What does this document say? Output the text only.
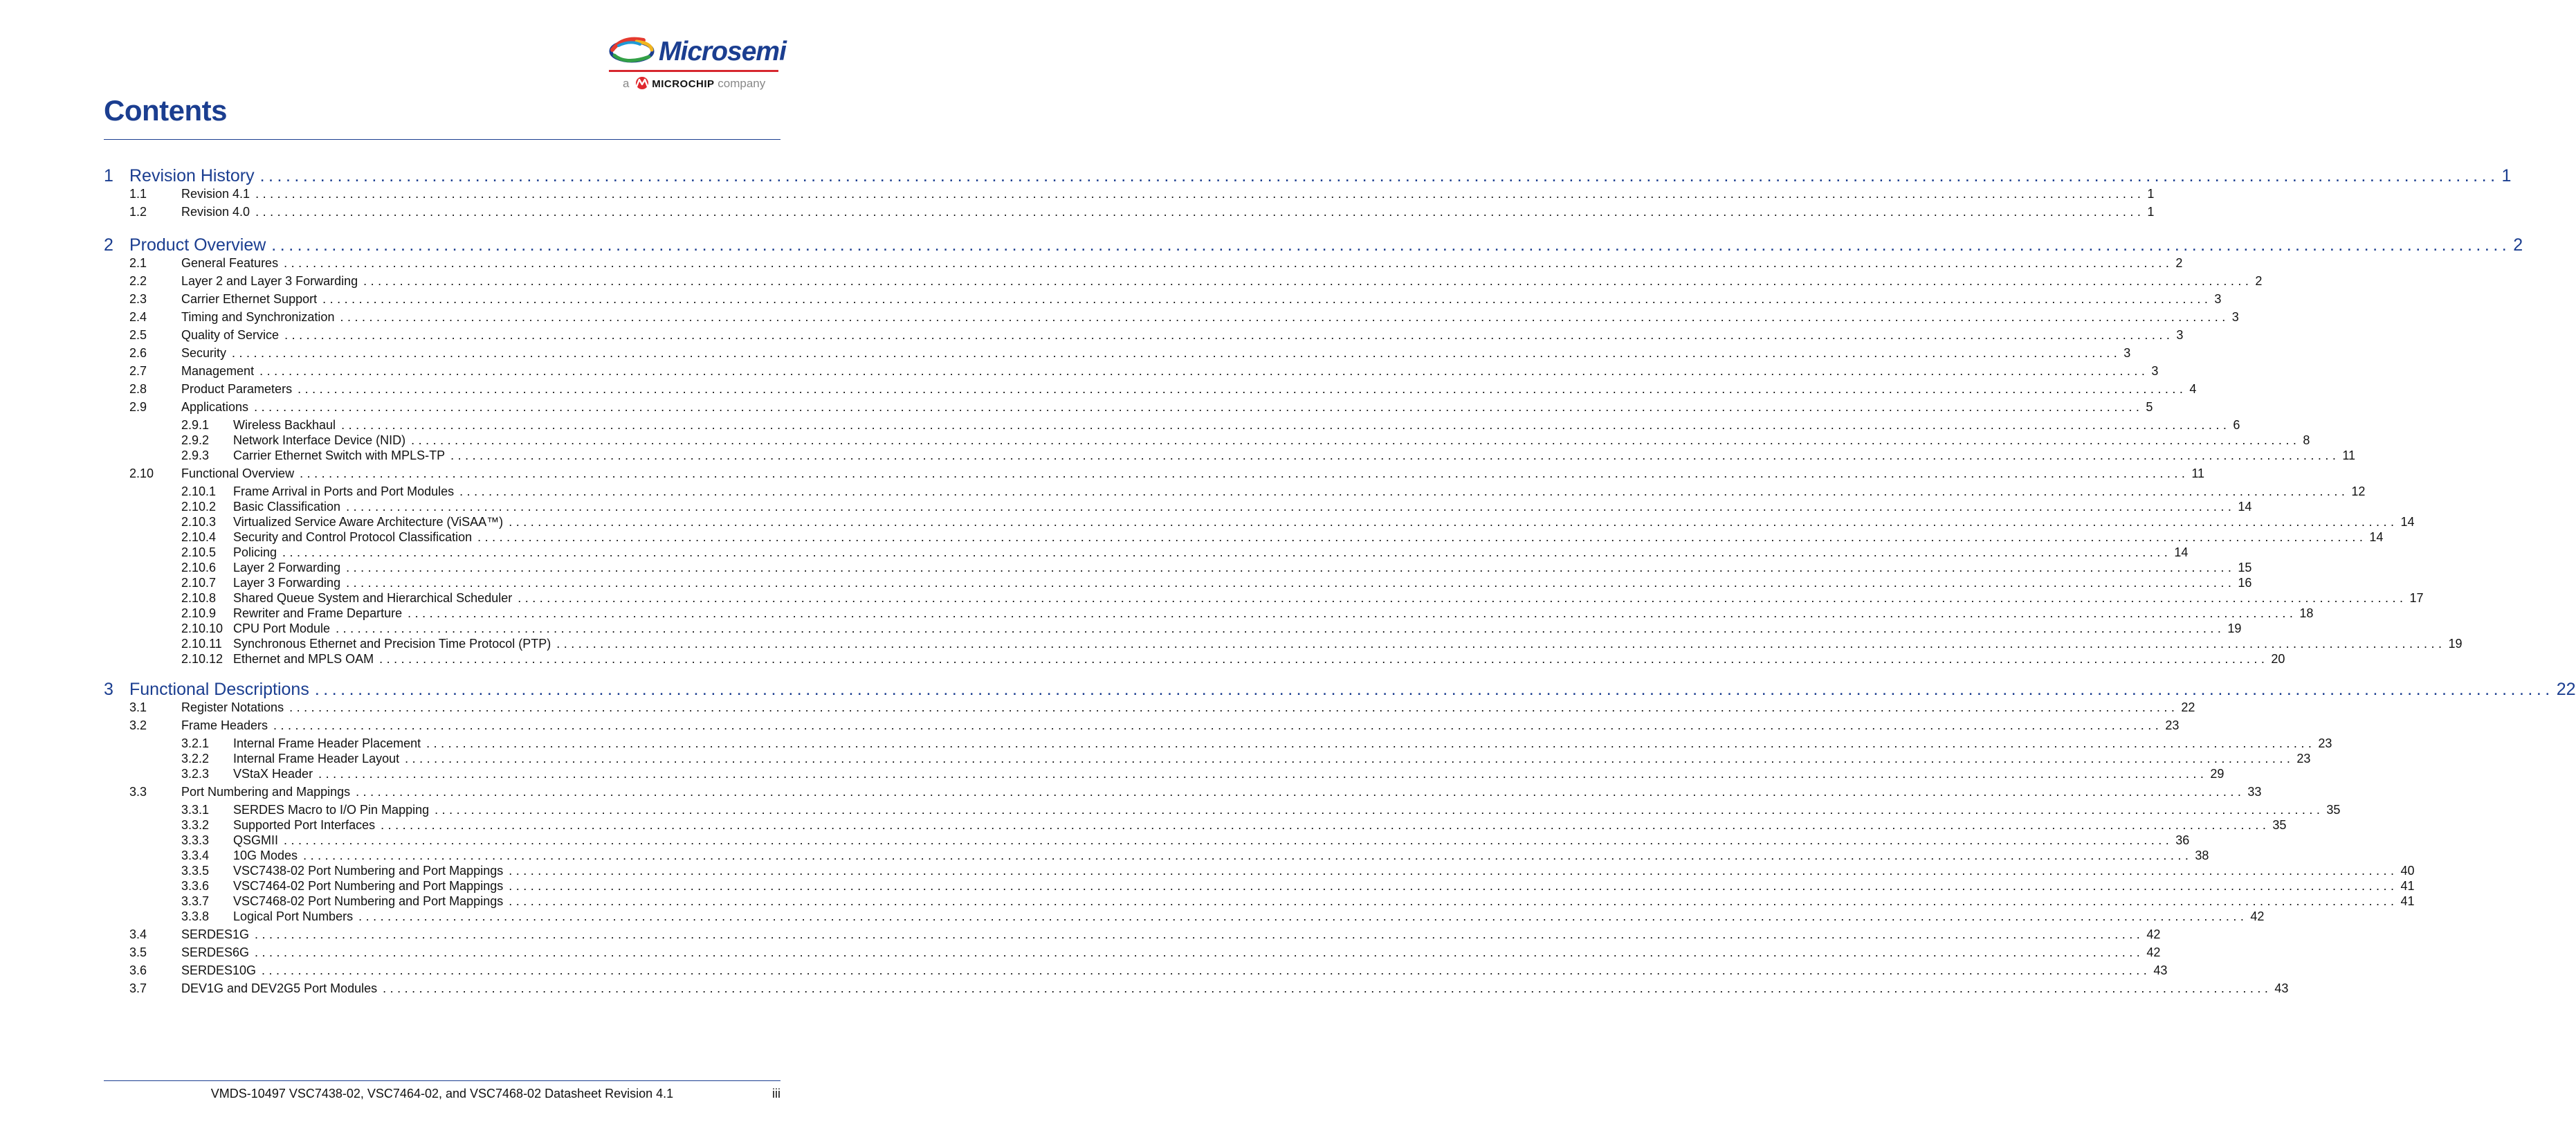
Microsemi
a MICROCHIP company
Contents
1 Revision History .................................................................................................................................................................................................................................................................... 1
1.1	Revision 4.1 .................................................................................................................................................................................................................................................................... 1
1.2	Revision 4.0 .................................................................................................................................................................................................................................................................... 1
2 Product Overview .................................................................................................................................................................................................................................................................... 2
2.1	General Features .................................................................................................................................................................................................................................................................... 2
2.2	Layer 2 and Layer 3 Forwarding .................................................................................................................................................................................................................................................................... 2
2.3	Carrier Ethernet Support .................................................................................................................................................................................................................................................................... 3
2.4	Timing and Synchronization .................................................................................................................................................................................................................................................................... 3
2.5	Quality of Service .................................................................................................................................................................................................................................................................... 3
2.6	Security .................................................................................................................................................................................................................................................................... 3
2.7	Management .................................................................................................................................................................................................................................................................... 3
2.8	Product Parameters .................................................................................................................................................................................................................................................................... 4
2.9	Applications .................................................................................................................................................................................................................................................................... 5
2.9.1	Wireless Backhaul .................................................................................................................................................................................................................................................................... 6
2.9.2	Network Interface Device (NID) .................................................................................................................................................................................................................................................................... 8
2.9.3	Carrier Ethernet Switch with MPLS-TP .................................................................................................................................................................................................................................................................... 11
2.10	Functional Overview .................................................................................................................................................................................................................................................................... 11
2.10.1	Frame Arrival in Ports and Port Modules .................................................................................................................................................................................................................................................................... 12
2.10.2	Basic Classification .................................................................................................................................................................................................................................................................... 14
2.10.3	Virtualized Service Aware Architecture (ViSAA™) .................................................................................................................................................................................................................................................................... 14
2.10.4	Security and Control Protocol Classification .................................................................................................................................................................................................................................................................... 14
2.10.5	Policing .................................................................................................................................................................................................................................................................... 14
2.10.6	Layer 2 Forwarding .................................................................................................................................................................................................................................................................... 15
2.10.7	Layer 3 Forwarding .................................................................................................................................................................................................................................................................... 16
2.10.8	Shared Queue System and Hierarchical Scheduler .................................................................................................................................................................................................................................................................... 17
2.10.9	Rewriter and Frame Departure .................................................................................................................................................................................................................................................................... 18
2.10.10 CPU Port Module .................................................................................................................................................................................................................................................................... 19
2.10.11 Synchronous Ethernet and Precision Time Protocol (PTP) .................................................................................................................................................................................................................................................................... 19
2.10.12 Ethernet and MPLS OAM .................................................................................................................................................................................................................................................................... 20
3 Functional Descriptions .................................................................................................................................................................................................................................................................... 22
3.1	Register Notations .................................................................................................................................................................................................................................................................... 22
3.2	Frame Headers .................................................................................................................................................................................................................................................................... 23
3.2.1	Internal Frame Header Placement .................................................................................................................................................................................................................................................................... 23
3.2.2	Internal Frame Header Layout .................................................................................................................................................................................................................................................................... 23
3.2.3	VStaX Header .................................................................................................................................................................................................................................................................... 29
3.3	Port Numbering and Mappings .................................................................................................................................................................................................................................................................... 33
3.3.1	SERDES Macro to I/O Pin Mapping .................................................................................................................................................................................................................................................................... 35
3.3.2	Supported Port Interfaces .................................................................................................................................................................................................................................................................... 35
3.3.3	QSGMII .................................................................................................................................................................................................................................................................... 36
3.3.4	10G Modes .................................................................................................................................................................................................................................................................... 38
3.3.5	VSC7438-02 Port Numbering and Port Mappings .................................................................................................................................................................................................................................................................... 40
3.3.6	VSC7464-02 Port Numbering and Port Mappings .................................................................................................................................................................................................................................................................... 41
3.3.7	VSC7468-02 Port Numbering and Port Mappings .................................................................................................................................................................................................................................................................... 41
3.3.8	Logical Port Numbers .................................................................................................................................................................................................................................................................... 42
3.4	SERDES1G .................................................................................................................................................................................................................................................................... 42
3.5	SERDES6G .................................................................................................................................................................................................................................................................... 42
3.6	SERDES10G .................................................................................................................................................................................................................................................................... 43
3.7	DEV1G and DEV2G5 Port Modules .................................................................................................................................................................................................................................................................... 43
VMDS-10497 VSC7438-02, VSC7464-02, and VSC7468-02 Datasheet Revision 4.1	iii
